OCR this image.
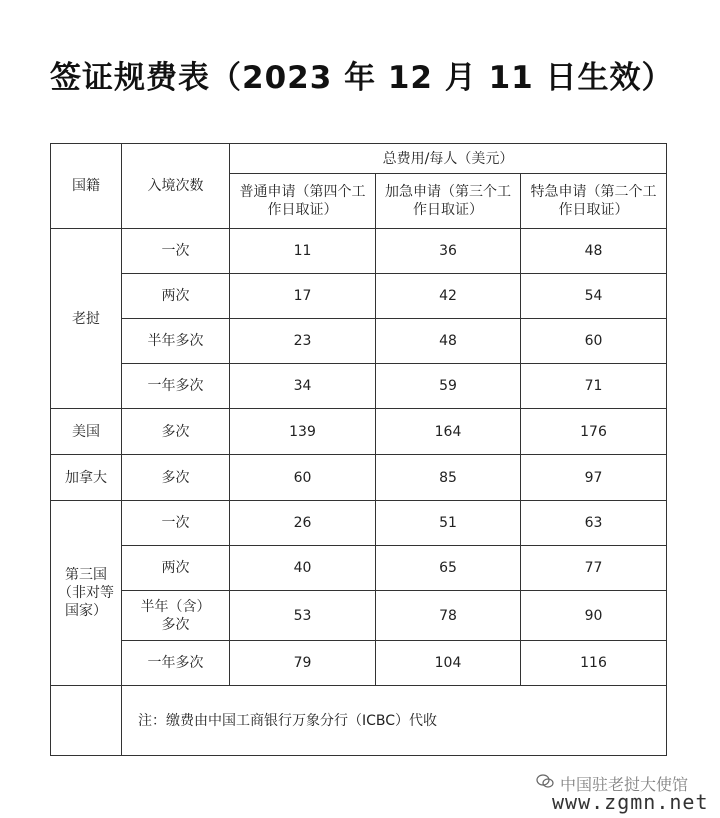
签证规费表（2023 年 12 月 11 日生效）
国籍	入境次数	总费用/每人（美元）		
		普通申请（第四个工作日取证）	加急申请（第三个工作日取证）	特急申请（第二个工作日取证）
老挝	一次	11	36	48
	两次	17	42	54
	半年多次	23	48	60
	一年多次	34	59	71
美国	多次	139	164	176
加拿大	多次	60	85	97
第三国（非对等国家）	一次	26	51	63
	两次	40	65	77
	半年（含）多次	53	78	90
	一年多次	79	104	116
	注：缴费由中国工商银行万象分行（ICBC）代收			
中国驻老挝大使馆
www.zgmn.net
